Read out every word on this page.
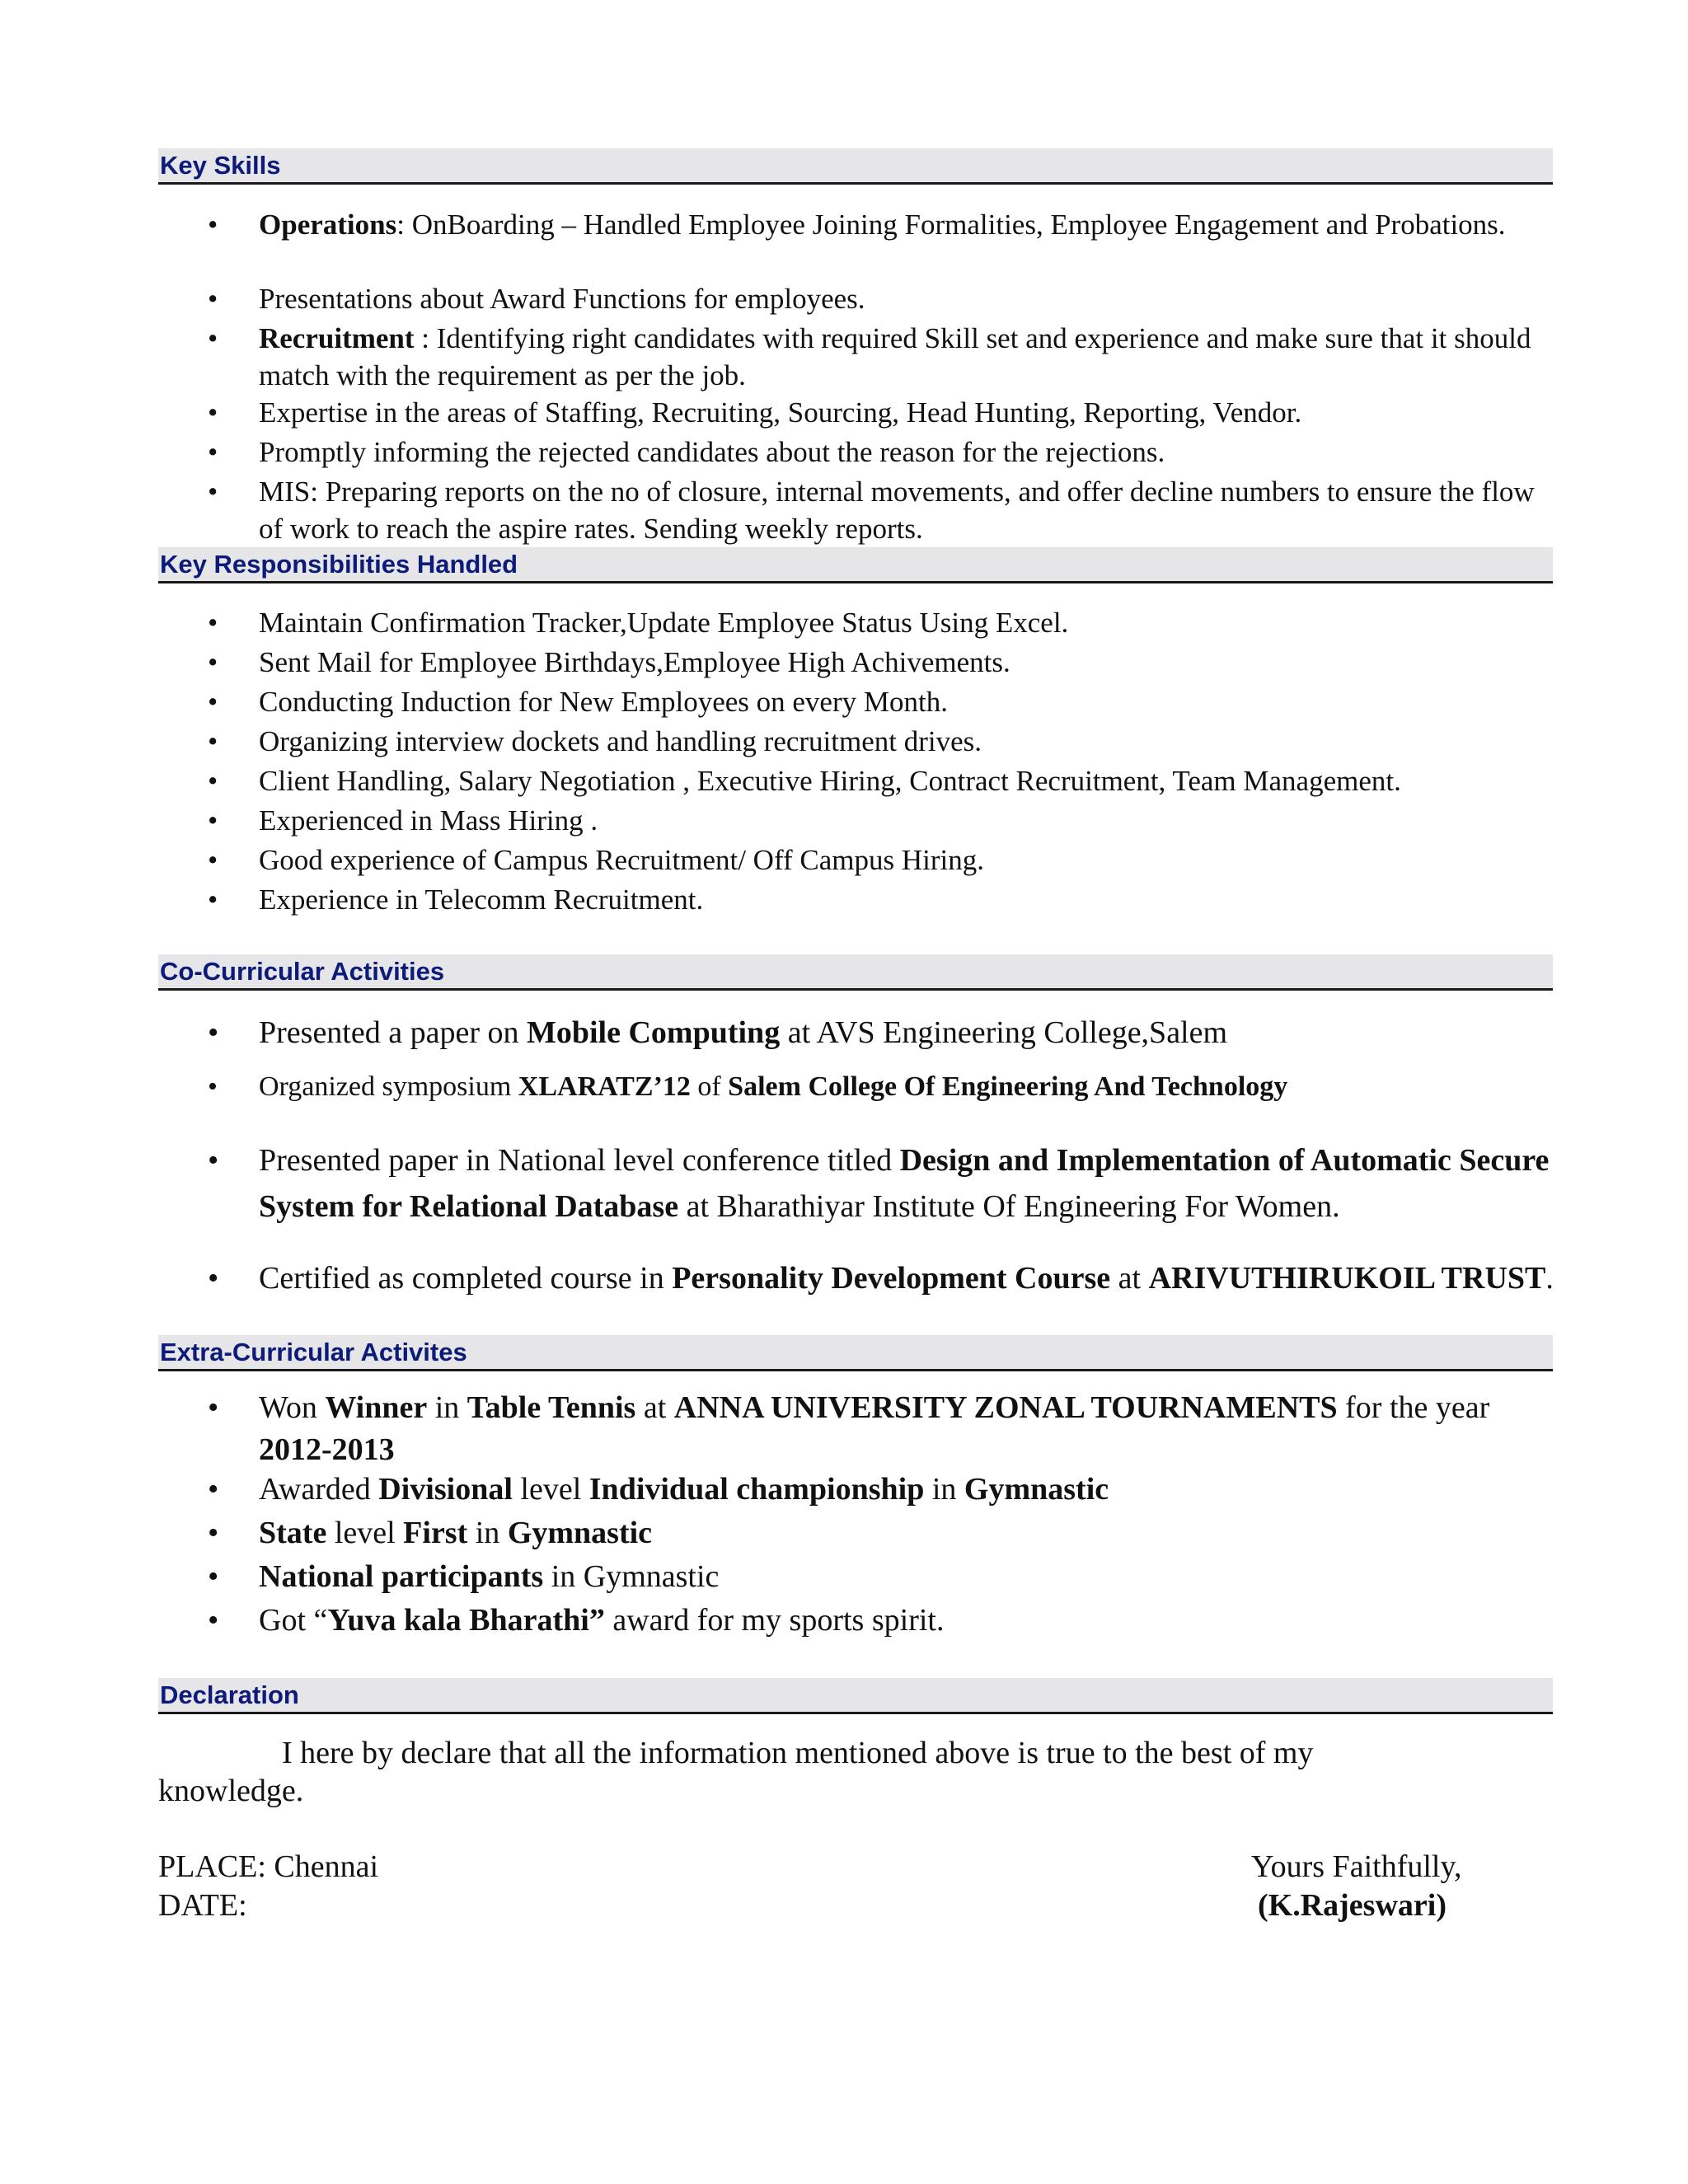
Key Skills
• Operations: OnBoarding – Handled Employee Joining Formalities, Employee Engagement and Probations.
• Presentations about Award Functions for employees.
• Recruitment : Identifying right candidates with required Skill set and experience and make sure that it should match with the requirement as per the job.
• Expertise in the areas of Staffing, Recruiting, Sourcing, Head Hunting, Reporting, Vendor.
• Promptly informing the rejected candidates about the reason for the rejections.
• MIS: Preparing reports on the no of closure, internal movements, and offer decline numbers to ensure the flow of work to reach the aspire rates. Sending weekly reports.
Key Responsibilities Handled
• Maintain Confirmation Tracker,Update Employee Status Using Excel.
• Sent Mail for Employee Birthdays,Employee High Achivements.
• Conducting Induction for New Employees on every Month.
• Organizing interview dockets and handling recruitment drives.
• Client Handling, Salary Negotiation , Executive Hiring, Contract Recruitment, Team Management.
• Experienced in Mass Hiring .
• Good experience of Campus Recruitment/ Off Campus Hiring.
• Experience in Telecomm Recruitment.
Co-Curricular Activities
• Presented a paper on Mobile Computing at AVS Engineering College,Salem
• Organized symposium XLARATZ’12 of Salem College Of Engineering And Technology
• Presented paper in National level conference titled Design and Implementation of Automatic Secure System for Relational Database at Bharathiyar Institute Of Engineering For Women.
• Certified as completed course in Personality Development Course at ARIVUTHIRUKOIL TRUST.
Extra-Curricular Activites
• Won Winner in Table Tennis at ANNA UNIVERSITY ZONAL TOURNAMENTS for the year 2012-2013
• Awarded Divisional level Individual championship in Gymnastic
• State level First in Gymnastic
• National participants in Gymnastic
• Got “Yuva kala Bharathi” award for my sports spirit.
Declaration
I here by declare that all the information mentioned above is true to the best of my
knowledge.
PLACE: Chennai
DATE:
Yours Faithfully,
(K.Rajeswari)
